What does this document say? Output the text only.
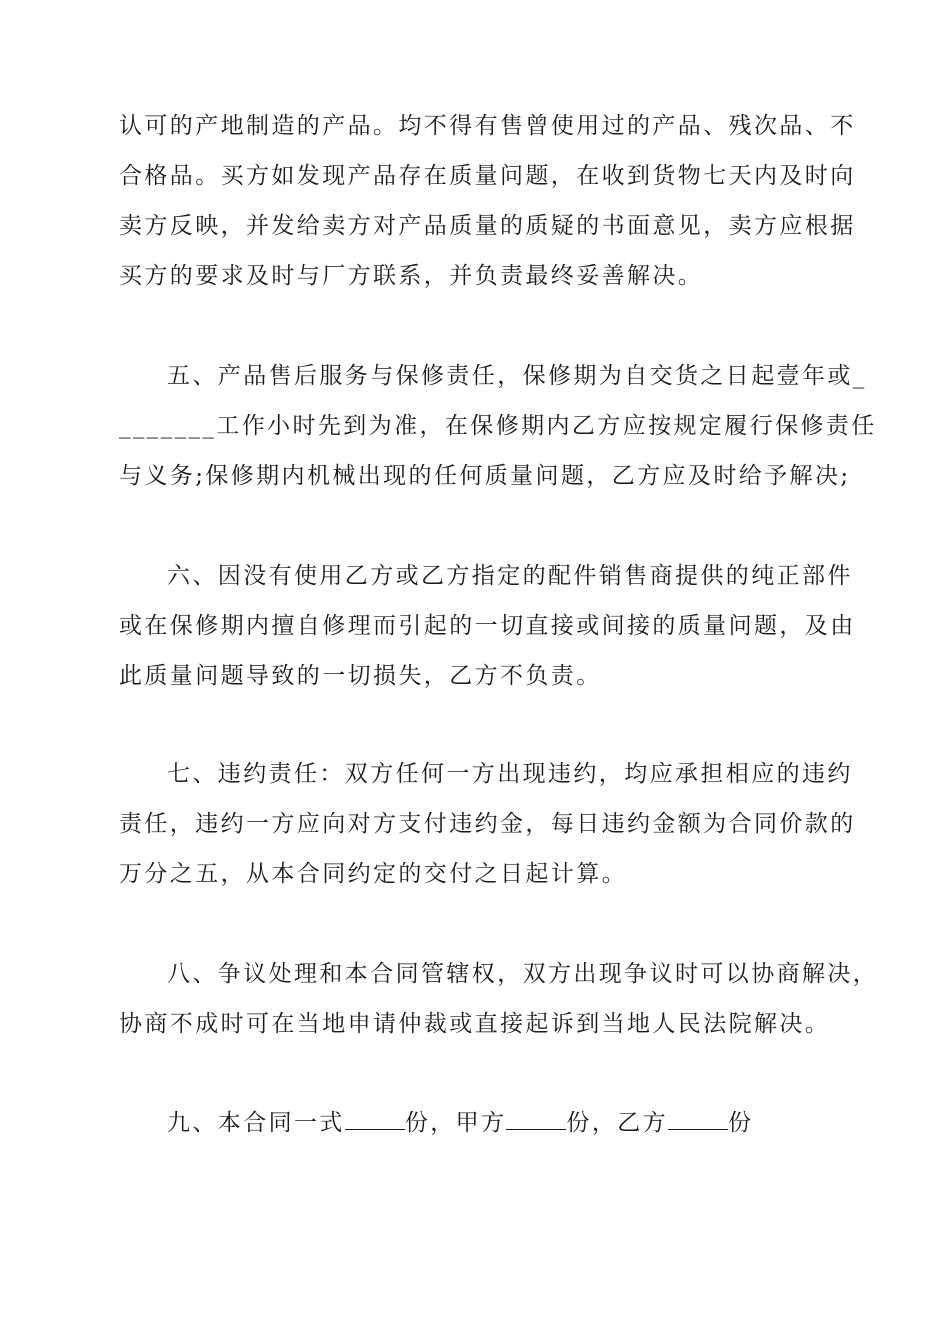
认可的产地制造的产品。均不得有售曾使用过的产品、残次品、不
合格品。买方如发现产品存在质量问题，在收到货物七天内及时向
卖方反映，并发给卖方对产品质量的质疑的书面意见，卖方应根据
买方的要求及时与厂方联系，并负责最终妥善解决。
五、产品售后服务与保修责任，保修期为自交货之日起壹年或_
_______工作小时先到为准，在保修期内乙方应按规定履行保修责任
与义务;保修期内机械出现的任何质量问题，乙方应及时给予解决;
六、因没有使用乙方或乙方指定的配件销售商提供的纯正部件
或在保修期内擅自修理而引起的一切直接或间接的质量问题，及由
此质量问题导致的一切损失，乙方不负责。
七、违约责任：双方任何一方出现违约，均应承担相应的违约
责任，违约一方应向对方支付违约金，每日违约金额为合同价款的
万分之五，从本合同约定的交付之日起计算。
八、争议处理和本合同管辖权，双方出现争议时可以协商解决，
协商不成时可在当地申请仲裁或直接起诉到当地人民法院解决。
九、本合同一式	份，甲方	份，乙方	份
